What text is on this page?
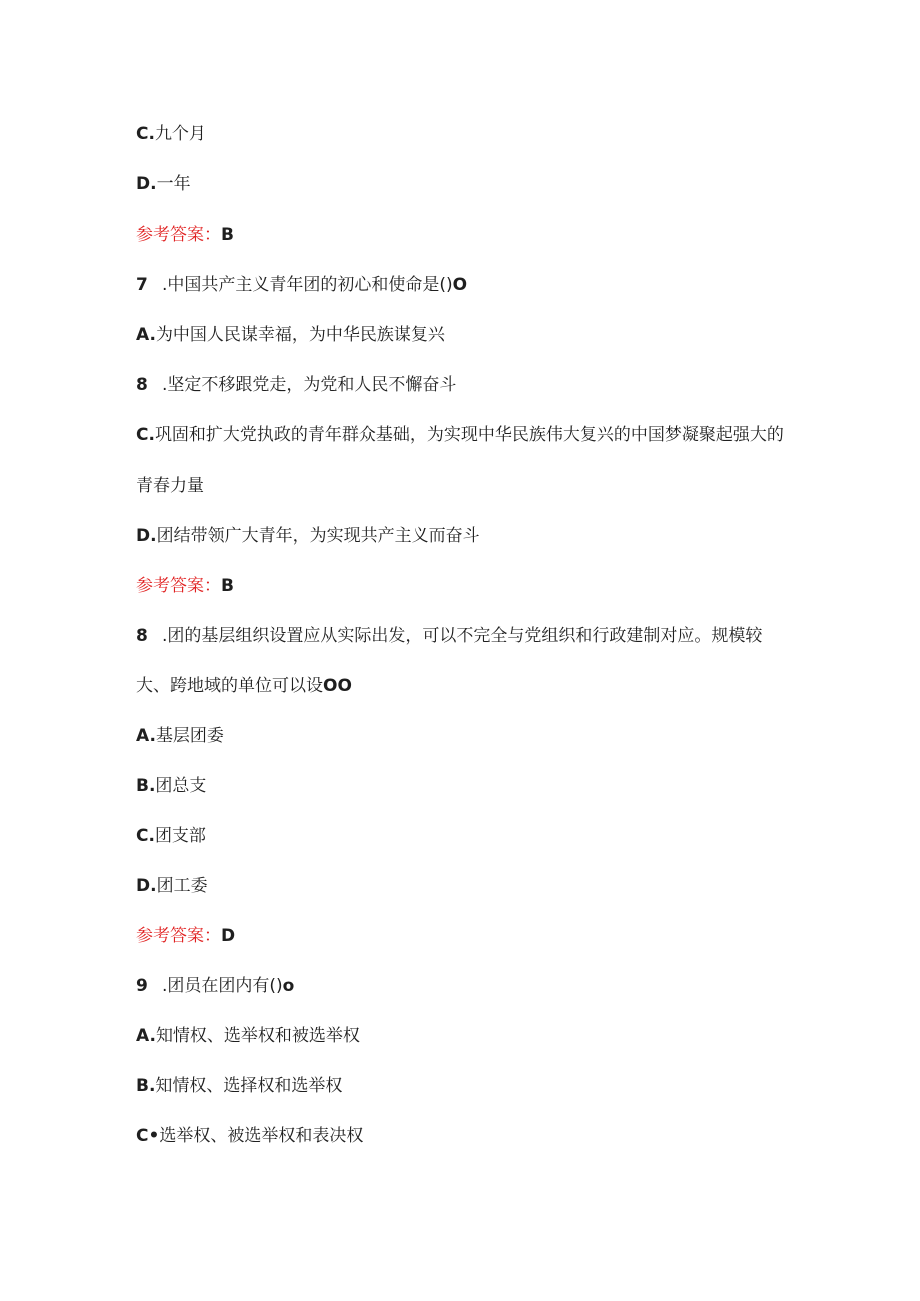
C.九个月
D.一年
参考答案：B
7 .中国共产主义青年团的初心和使命是()O
A.为中国人民谋幸福，为中华民族谋复兴
8 .坚定不移跟党走，为党和人民不懈奋斗
C.巩固和扩大党执政的青年群众基础，为实现中华民族伟大复兴的中国梦凝聚起强大的
青春力量
D.团结带领广大青年，为实现共产主义而奋斗
参考答案：B
8 .团的基层组织设置应从实际出发，可以不完全与党组织和行政建制对应。规模较
大、跨地域的单位可以设OO
A.基层团委
B.团总支
C.团支部
D.团工委
参考答案：D
9 .团员在团内有()o
A.知情权、选举权和被选举权
B.知情权、选择权和选举权
C•选举权、被选举权和表决权
